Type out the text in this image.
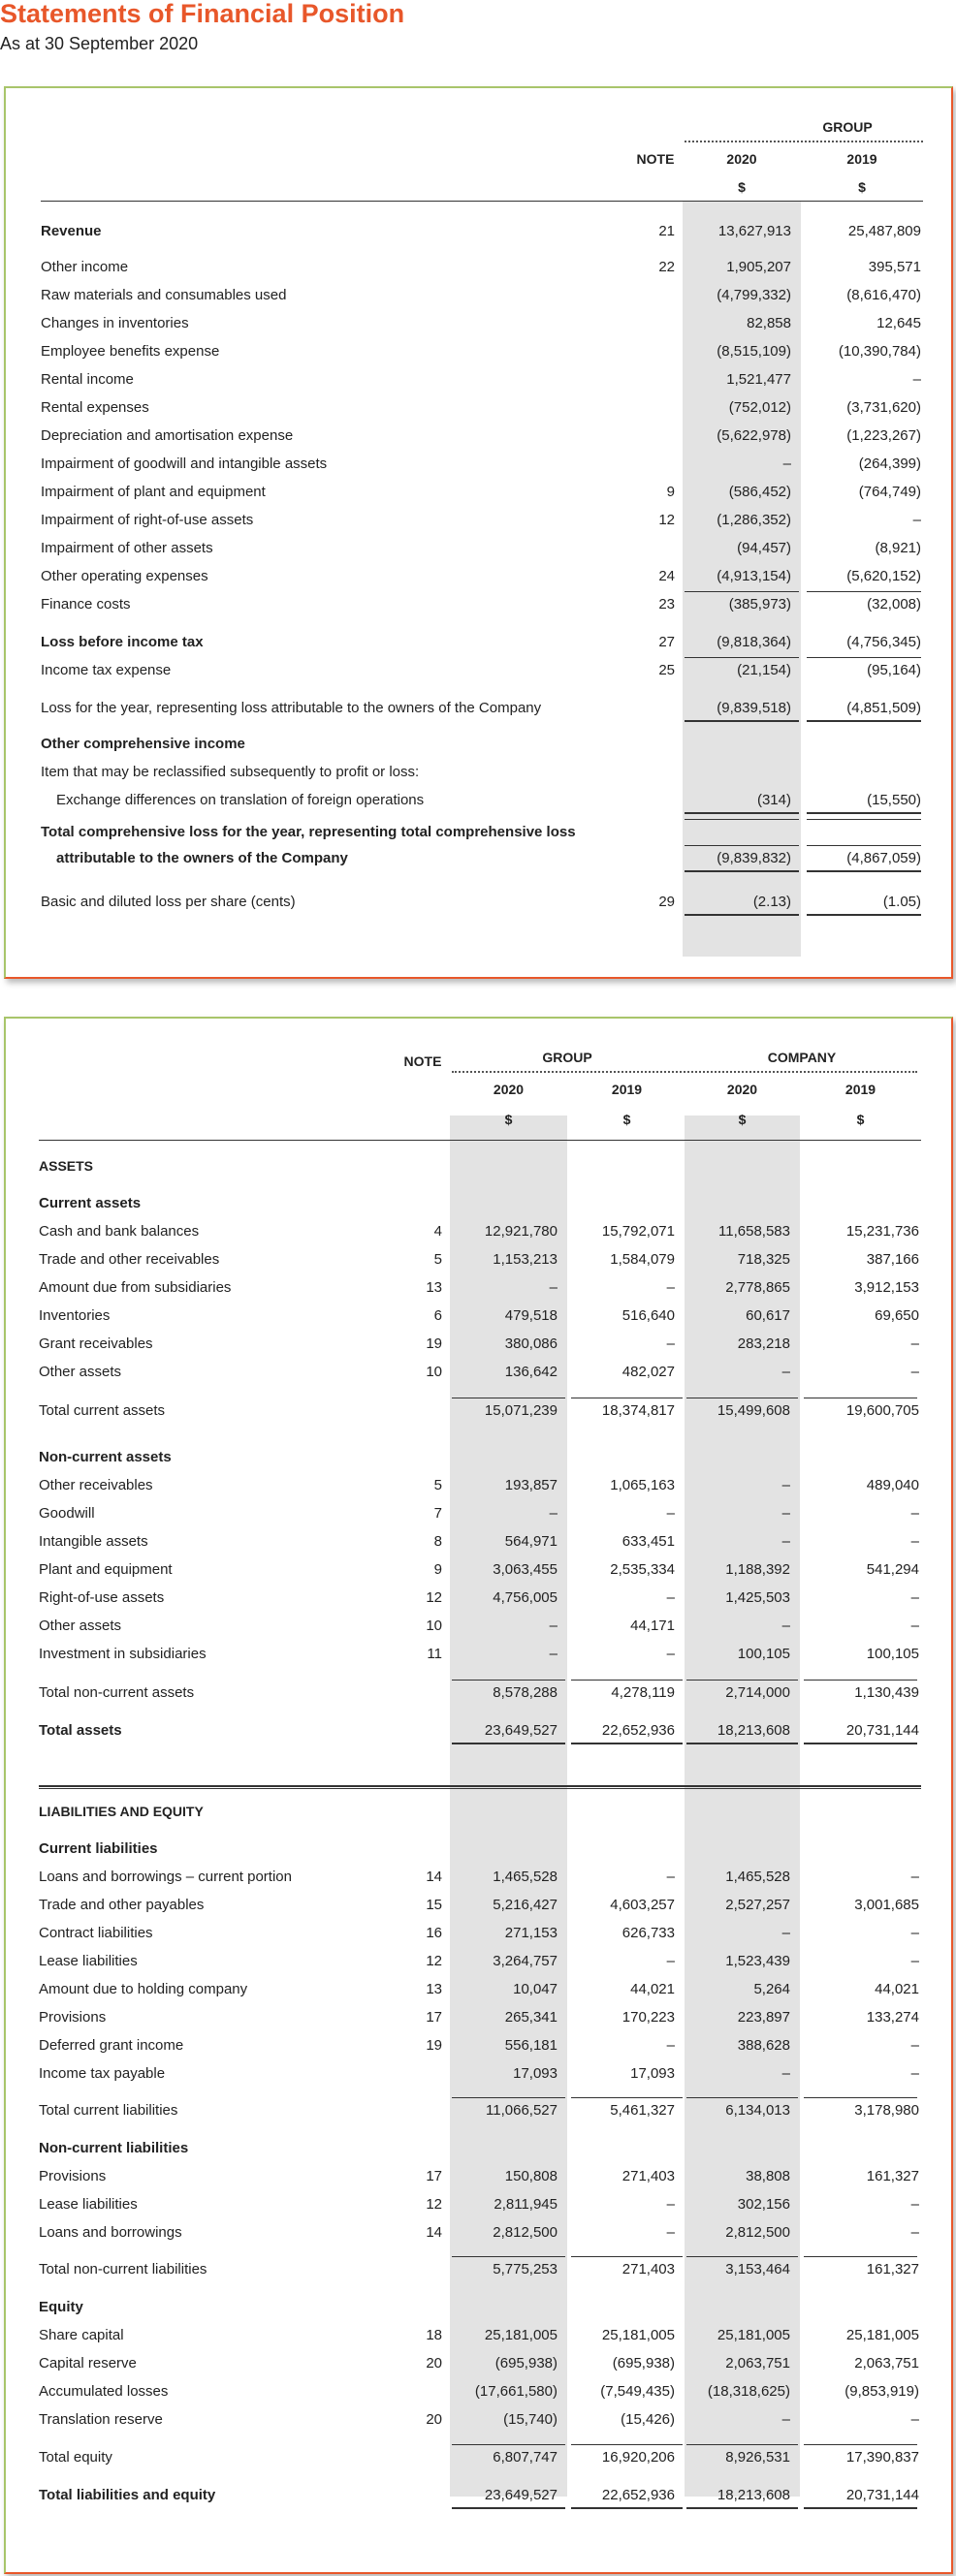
Statements of Financial Position
As at 30 September 2020
GROUP
NOTE	2020	2019
$	$
Revenue	21	13,627,913	25,487,809
Other income	22	1,905,207	395,571
Raw materials and consumables used	(4,799,332)	(8,616,470)
Changes in inventories	82,858	12,645
Employee benefits expense	(8,515,109)	(10,390,784)
Rental income	1,521,477	–
Rental expenses	(752,012)	(3,731,620)
Depreciation and amortisation expense	(5,622,978)	(1,223,267)
Impairment of goodwill and intangible assets	–	(264,399)
Impairment of plant and equipment	9	(586,452)	(764,749)
Impairment of right-of-use assets	12	(1,286,352)	–
Impairment of other assets	(94,457)	(8,921)
Other operating expenses	24	(4,913,154)	(5,620,152)
Finance costs	23	(385,973)	(32,008)
Loss before income tax	27	(9,818,364)	(4,756,345)
Income tax expense	25	(21,154)	(95,164)
Loss for the year, representing loss attributable to the owners of the Company	(9,839,518)	(4,851,509)
Other comprehensive income
Item that may be reclassified subsequently to profit or loss:
Exchange differences on translation of foreign operations	(314)	(15,550)
Total comprehensive loss for the year, representing total comprehensive loss
attributable to the owners of the Company	(9,839,832)	(4,867,059)
Basic and diluted loss per share (cents)	29	(2.13)	(1.05)
NOTE	GROUP	COMPANY
2020	2019	2020	2019
$	$	$	$
ASSETS
Current assets
Cash and bank balances	4	12,921,780	15,792,071	11,658,583	15,231,736
Trade and other receivables	5	1,153,213	1,584,079	718,325	387,166
Amount due from subsidiaries	13	–	–	2,778,865	3,912,153
Inventories	6	479,518	516,640	60,617	69,650
Grant receivables	19	380,086	–	283,218	–
Other assets	10	136,642	482,027	–	–
Total current assets	15,071,239	18,374,817	15,499,608	19,600,705
Non-current assets
Other receivables	5	193,857	1,065,163	–	489,040
Goodwill	7	–	–	–	–
Intangible assets	8	564,971	633,451	–	–
Plant and equipment	9	3,063,455	2,535,334	1,188,392	541,294
Right-of-use assets	12	4,756,005	–	1,425,503	–
Other assets	10	–	44,171	–	–
Investment in subsidiaries	11	–	–	100,105	100,105
Total non-current assets	8,578,288	4,278,119	2,714,000	1,130,439
Total assets	23,649,527	22,652,936	18,213,608	20,731,144
LIABILITIES AND EQUITY
Current liabilities
Loans and borrowings – current portion	14	1,465,528	–	1,465,528	–
Trade and other payables	15	5,216,427	4,603,257	2,527,257	3,001,685
Contract liabilities	16	271,153	626,733	–	–
Lease liabilities	12	3,264,757	–	1,523,439	–
Amount due to holding company	13	10,047	44,021	5,264	44,021
Provisions	17	265,341	170,223	223,897	133,274
Deferred grant income	19	556,181	–	388,628	–
Income tax payable	17,093	17,093	–	–
Total current liabilities	11,066,527	5,461,327	6,134,013	3,178,980
Non-current liabilities
Provisions	17	150,808	271,403	38,808	161,327
Lease liabilities	12	2,811,945	–	302,156	–
Loans and borrowings	14	2,812,500	–	2,812,500	–
Total non-current liabilities	5,775,253	271,403	3,153,464	161,327
Equity
Share capital	18	25,181,005	25,181,005	25,181,005	25,181,005
Capital reserve	20	(695,938)	(695,938)	2,063,751	2,063,751
Accumulated losses	(17,661,580)	(7,549,435)	(18,318,625)	(9,853,919)
Translation reserve	20	(15,740)	(15,426)	–	–
Total equity	6,807,747	16,920,206	8,926,531	17,390,837
Total liabilities and equity	23,649,527	22,652,936	18,213,608	20,731,144
